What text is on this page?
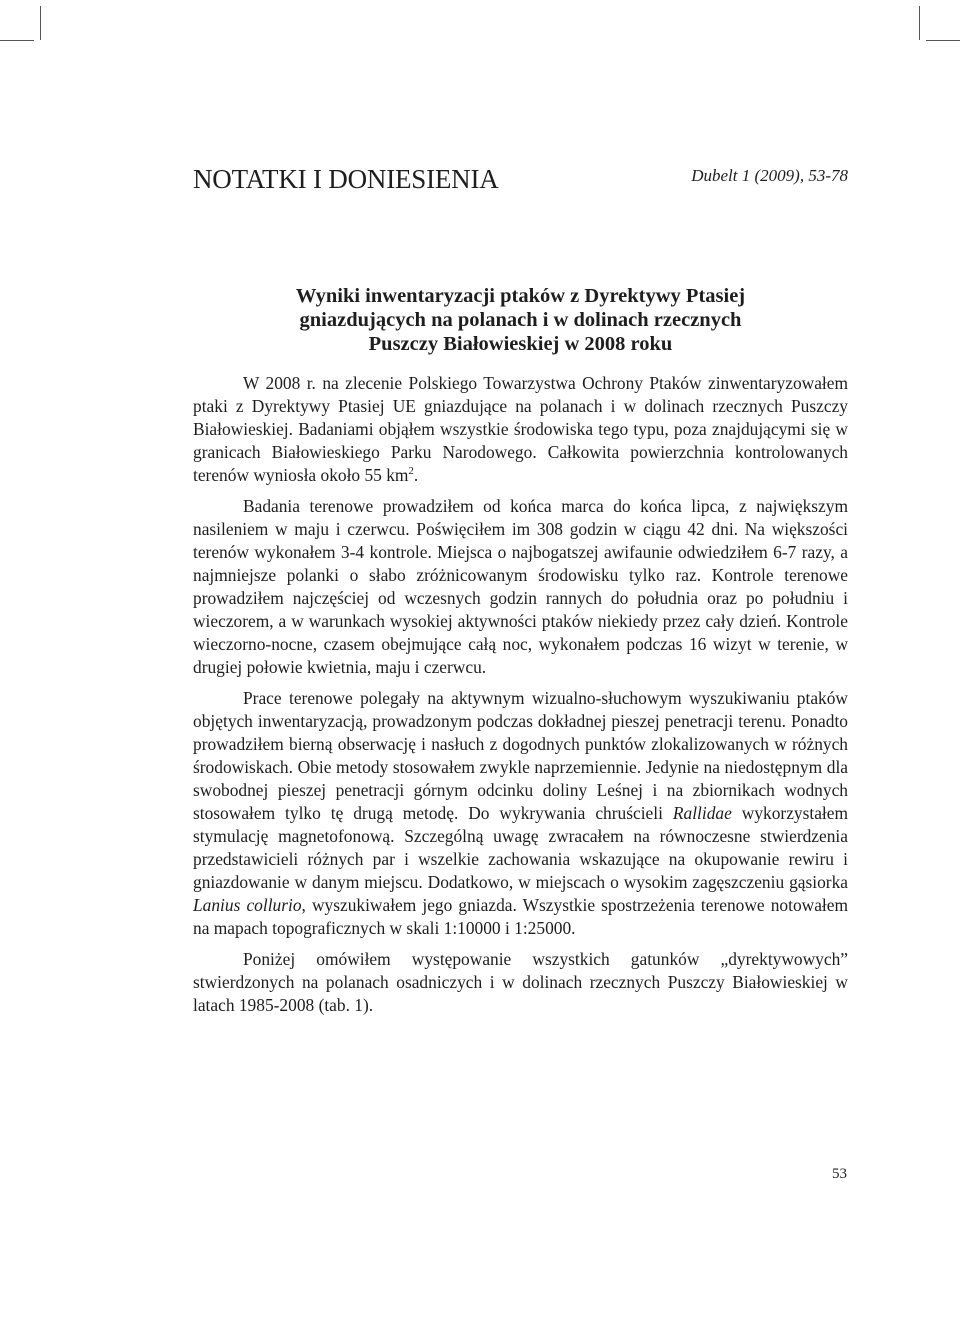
NOTATKI I DONIESIENIA	Dubelt 1 (2009), 53-78
Wyniki inwentaryzacji ptaków z Dyrektywy Ptasiej
gniazdujących na polanach i w dolinach rzecznych
Puszczy Białowieskiej w 2008 roku

W 2008 r. na zlecenie Polskiego Towarzystwa Ochrony Ptaków zinwentaryzowałem ptaki z Dyrektywy Ptasiej UE gniazdujące na polanach i w dolinach rzecznych Puszczy Białowieskiej. Badaniami objąłem wszystkie środowiska tego typu, poza znajdującymi się w granicach Białowieskiego Parku Narodowego. Całkowita powierzchnia kontrolowanych terenów wyniosła około 55 $km^2$.

Badania terenowe prowadziłem od końca marca do końca lipca, z największym nasileniem w maju i czerwcu. Poświęciłem im 308 godzin w ciągu 42 dni. Na większości terenów wykonałem 3-4 kontrole. Miejsca o najbogatszej awifaunie odwiedziłem 6-7 razy, a najmniejsze polanki o słabo zróżnicowanym środowisku tylko raz. Kontrole terenowe prowadziłem najczęściej od wczesnych godzin rannych do południa oraz po południu i wieczorem, a w warunkach wysokiej aktywności ptaków niekiedy przez cały dzień. Kontrole wieczorno-nocne, czasem obejmujące całą noc, wykonałem podczas 16 wizyt w terenie, w drugiej połowie kwietnia, maju i czerwcu.

Prace terenowe polegały na aktywnym wizualno-słuchowym wyszukiwaniu ptaków objętych inwentaryzacją, prowadzonym podczas dokładnej pieszej penetracji terenu. Ponadto prowadziłem bierną obserwację i nasłuch z dogodnych punktów zlokalizowanych w różnych środowiskach. Obie metody stosowałem zwykle naprzemiennie. Jedynie na niedostępnym dla swobodnej pieszej penetracji górnym odcinku doliny Leśnej i na zbiornikach wodnych stosowałem tylko tę drugą metodę. Do wykrywania chruścieli Rallidae wykorzystałem stymulację magnetofonową. Szczególną uwagę zwracałem na równoczesne stwierdzenia przedstawicieli różnych par i wszelkie zachowania wskazujące na okupowanie rewiru i gniazdowanie w danym miejscu. Dodatkowo, w miejscach o wysokim zagęszczeniu gąsiorka Lanius collurio, wyszukiwałem jego gniazda. Wszystkie spostrzeżenia terenowe notowałem na mapach topograficznych w skali 1:10000 i 1:25000.

Poniżej omówiłem występowanie wszystkich gatunków „dyrektywowych” stwierdzonych na polanach osadniczych i w dolinach rzecznych Puszczy Białowieskiej w latach 1985-2008 (tab. 1).

53
